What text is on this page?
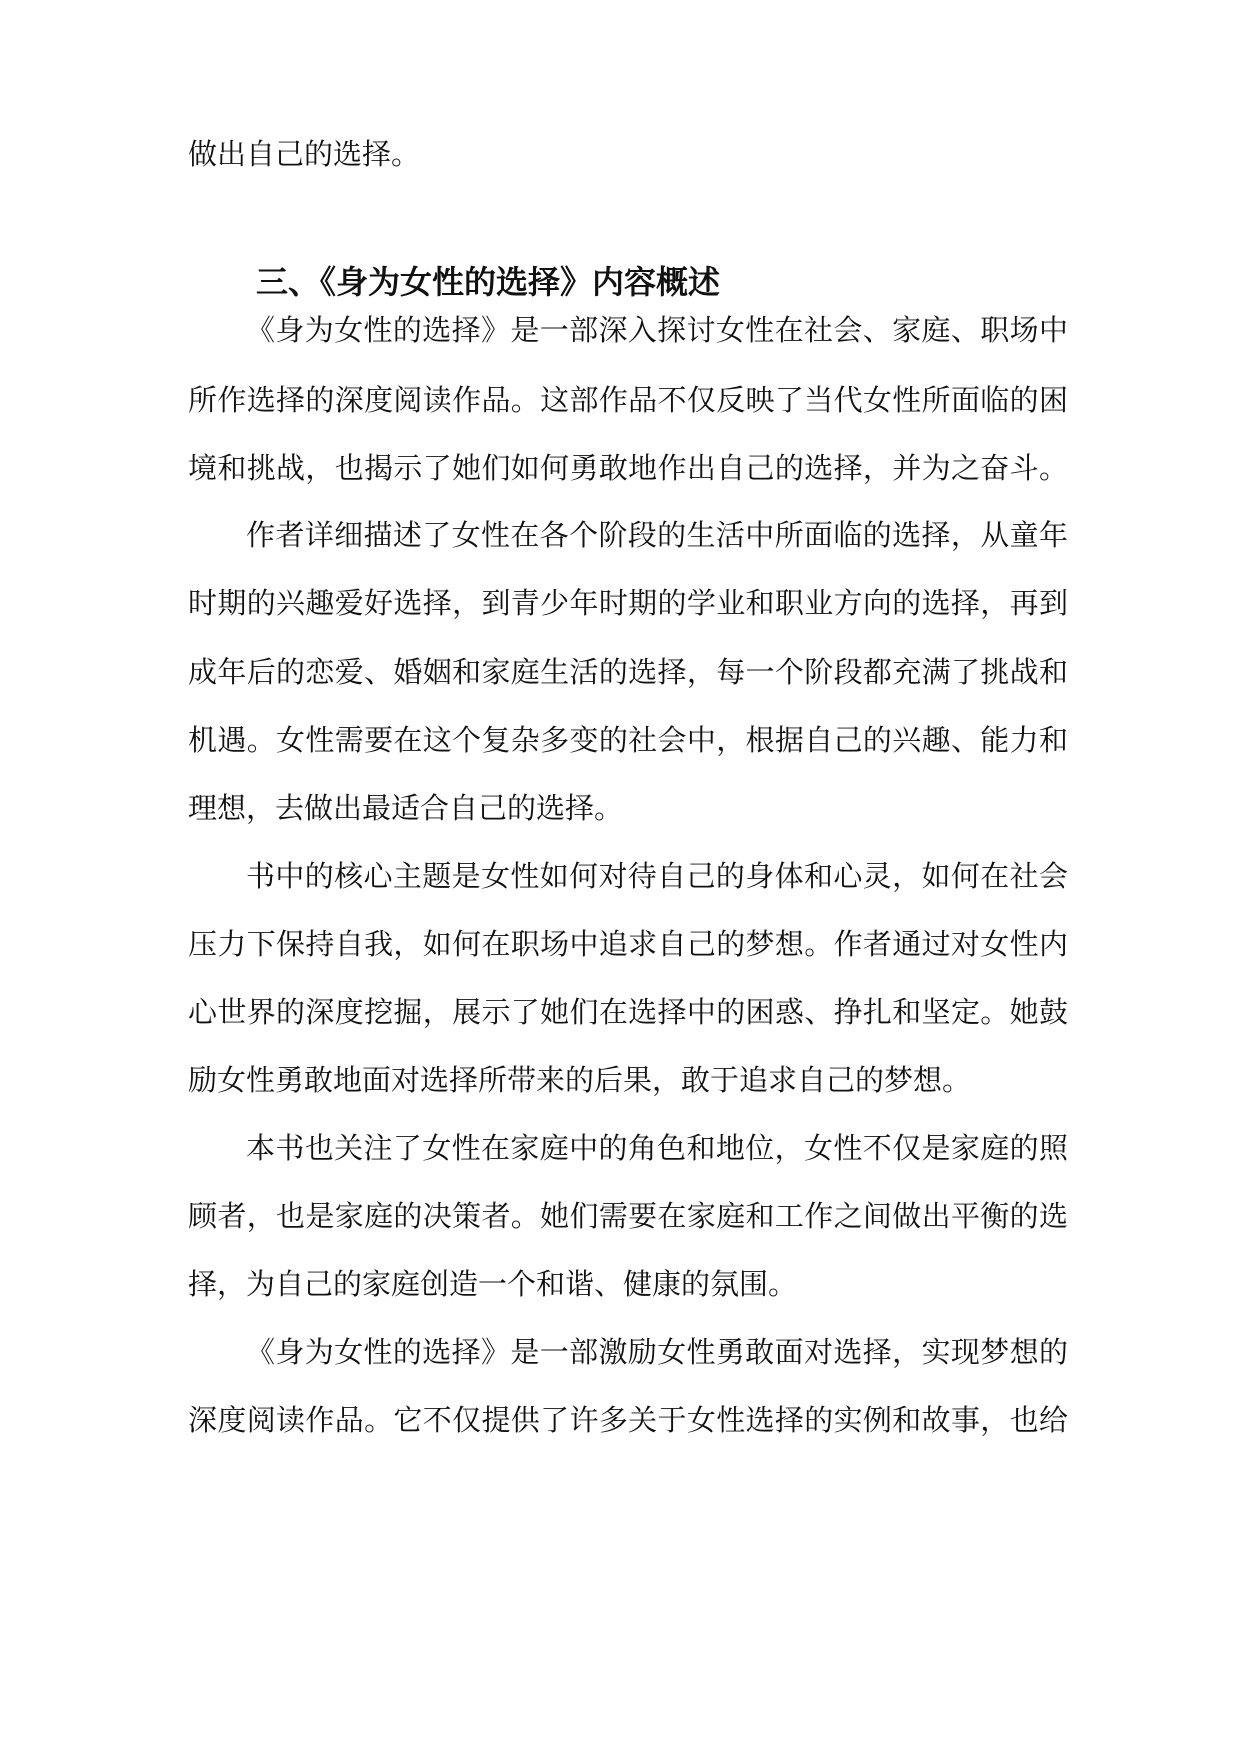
做出自己的选择。
三、《身为女性的选择》内容概述
《身为女性的选择》是一部深入探讨女性在社会、家庭、职场中
所作选择的深度阅读作品。这部作品不仅反映了当代女性所面临的困
境和挑战，也揭示了她们如何勇敢地作出自己的选择，并为之奋斗。
作者详细描述了女性在各个阶段的生活中所面临的选择，从童年
时期的兴趣爱好选择，到青少年时期的学业和职业方向的选择，再到
成年后的恋爱、婚姻和家庭生活的选择，每一个阶段都充满了挑战和
机遇。女性需要在这个复杂多变的社会中，根据自己的兴趣、能力和
理想，去做出最适合自己的选择。
书中的核心主题是女性如何对待自己的身体和心灵，如何在社会
压力下保持自我，如何在职场中追求自己的梦想。作者通过对女性内
心世界的深度挖掘，展示了她们在选择中的困惑、挣扎和坚定。她鼓
励女性勇敢地面对选择所带来的后果，敢于追求自己的梦想。
本书也关注了女性在家庭中的角色和地位，女性不仅是家庭的照
顾者，也是家庭的决策者。她们需要在家庭和工作之间做出平衡的选
择，为自己的家庭创造一个和谐、健康的氛围。
《身为女性的选择》是一部激励女性勇敢面对选择，实现梦想的
深度阅读作品。它不仅提供了许多关于女性选择的实例和故事，也给
